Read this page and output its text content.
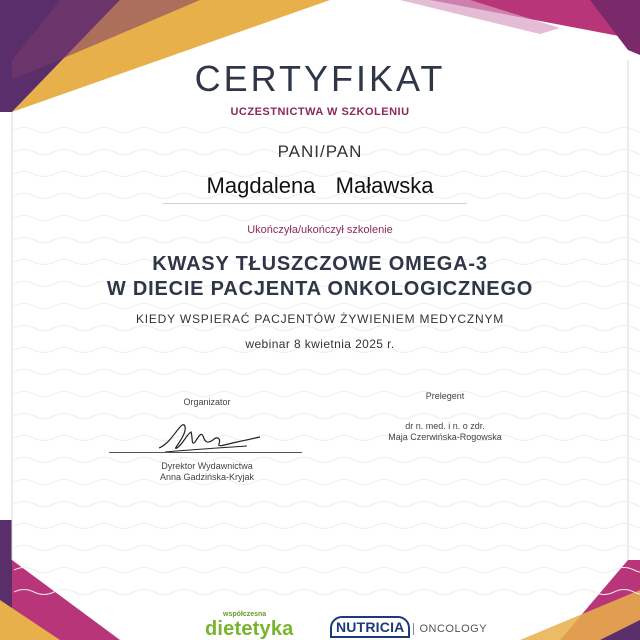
CERTYFIKAT
UCZESTNICTWA W SZKOLENIU
PANI/PAN
Magdalena  Maławska
Ukończyła/ukończył szkolenie
KWASY TŁUSZCZOWE OMEGA-3
W DIECIE PACJENTA ONKOLOGICZNEGO
KIEDY WSPIERAĆ PACJENTÓW ŻYWIENIEM MEDYCZNYM
webinar 8 kwietnia 2025 r.
Organizator
Dyrektor Wydawnictwa
Anna Gadzińska-Kryjak
Prelegent
dr n. med. i n. o zdr.
Maja Czerwińska-Rogowska
współczesna
dietetyka	NUTRICIA ONCOLOGY
